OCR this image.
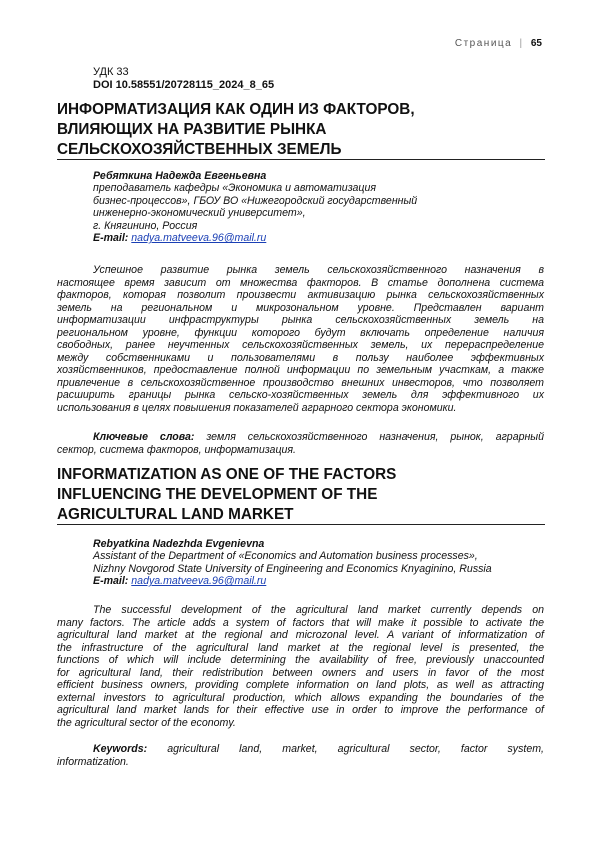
Страница | 65
УДК 33
DOI 10.58551/20728115_2024_8_65
ИНФОРМАТИЗАЦИЯ КАК ОДИН ИЗ ФАКТОРОВ,
ВЛИЯЮЩИХ НА РАЗВИТИЕ РЫНКА
СЕЛЬСКОХОЗЯЙСТВЕННЫХ ЗЕМЕЛЬ
Ребяткина Надежда Евгеньевна
преподаватель кафедры «Экономика и автоматизация
бизнес-процессов», ГБОУ ВО «Нижегородский государственный
инженерно-экономический университет»,
г. Княгинино, Россия
E-mail: nadya.matveeva.96@mail.ru
Успешное развитие рынка земель сельскохозяйственного назначения в
настоящее время зависит от множества факторов. В статье дополнена система
факторов, которая позволит произвести активизацию рынка сельскохозяйственных
земель на региональном и микрозональном уровне. Представлен вариант
информатизации инфраструктуры рынка сельскохозяйственных земель на
региональном уровне, функции которого будут включать определение наличия
свободных, ранее неучтенных сельскохозяйственных земель, их перераспределение
между собственниками и пользователями в пользу наиболее эффективных
хозяйственников, предоставление полной информации по земельным участкам, а также
привлечение в сельскохозяйственное производство внешних инвесторов, что позволяет
расширить границы рынка сельско-хозяйственных земель для эффективного их
использования в целях повышения показателей аграрного сектора экономики.
Ключевые слова: земля сельскохозяйственного назначения, рынок, аграрный
сектор, система факторов, информатизация.
INFORMATIZATION AS ONE OF THE FACTORS
INFLUENCING THE DEVELOPMENT OF THE
AGRICULTURAL LAND MARKET
Rebyatkina Nadezhda Evgenievna
Assistant of the Department of «Economics and Automation business processes»,
Nizhny Novgorod State University of Engineering and Economics Knyaginino, Russia
E-mail: nadya.matveeva.96@mail.ru
The successful development of the agricultural land market currently depends on
many factors. The article adds a system of factors that will make it possible to activate the
agricultural land market at the regional and microzonal level. A variant of informatization of
the infrastructure of the agricultural land market at the regional level is presented, the
functions of which will include determining the availability of free, previously unaccounted
for agricultural land, their redistribution between owners and users in favor of the most
efficient business owners, providing complete information on land plots, as well as attracting
external investors to agricultural production, which allows expanding the boundaries of the
agricultural land market lands for their effective use in order to improve the performance of
the agricultural sector of the economy.
Keywords: agricultural land, market, agricultural sector, factor system,
informatization.
